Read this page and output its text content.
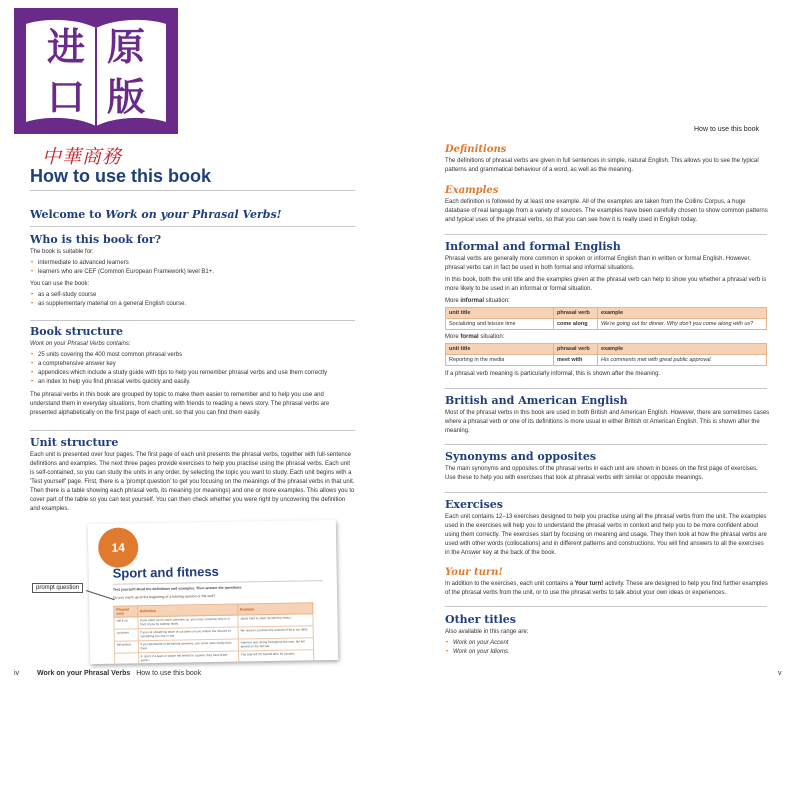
进 原
口 版
中華商務
How to use this book
Welcome to Work on your Phrasal Verbs!
Who is this book for?
The book is suitable for:
• intermediate to advanced learners
• learners who are CEF (Common European Framework) level B1+.
You can use the book:
• as a self-study course
• as supplementary material on a general English course.
Book structure
Work on your Phrasal Verbs contains:
• 25 units covering the 400 most common phrasal verbs
• a comprehensive answer key
• appendices which include a study guide with tips to help you remember phrasal verbs and use them correctly
• an index to help you find phrasal verbs quickly and easily.
The phrasal verbs in this book are grouped by topic to make them easier to remember and to help you use and understand them in everyday situations, from chatting with friends to reading a news story. The phrasal verbs are presented alphabetically on the first page of each unit, so that you can find them easily.
Unit structure
Each unit is presented over four pages. The first page of each unit presents the phrasal verbs, together with full-sentence definitions and examples. The next three pages provide exercises to help you practise using the phrasal verbs. Each unit is self-contained, so you can study the units in any order, by selecting the topic you want to study. Each unit begins with a 'Test yourself' page. First, there is a 'prompt question' to get you focusing on the meanings of the phrasal verbs in that unit. Then there is a table showing each phrasal verb, its meaning (or meanings) and one or more examples. This allows you to cover part of the table so you can test yourself. You can then check whether you were right by uncovering the definition and examples.
14
Sport and fitness
Test yourself! Read the definitions and examples. Then answer the questions.
Do you warm up at the beginning of a training session or the end?
Phrasal verb	Definition	Example
call it up	If you catch up on catch someone up, you reach someone who is in front of you by walking faster.	Jamie tried to catch up with the others.
cut down	If you cut something down or cut down on you reduce the amount of something you use or eat.	We need to cut down the amount of fat in our diets.
fall behind	If you fall behind or fall behind someone, you move more slowly than them.	Harrison was strong throughout the race, but fell behind on the last lap.
	In sport, if a team or player fall behind in a game, they have fewer points.	The side fell 3-0 behind after 20 minutes.
prompt question
iv	Work on your Phrasal Verbs How to use this book
How to use this book
Definitions
The definitions of phrasal verbs are given in full sentences in simple, natural English. This allows you to see the typical patterns and grammatical behaviour of a word, as well as the meaning.
Examples
Each definition is followed by at least one example. All of the examples are taken from the Collins Corpus, a huge database of real language from a variety of sources. The examples have been carefully chosen to show common patterns and typical uses of the phrasal verbs, so that you can see how it is really used in English today.
Informal and formal English
Phrasal verbs are generally more common in spoken or informal English than in written or formal English. However, phrasal verbs can in fact be used in both formal and informal situations.
In this book, both the unit title and the examples given at the phrasal verb can help to show you whether a phrasal verb is more likely to be used in an informal or formal situation.
More informal situation:
unit title	phrasal verb	example
Socializing and leisure time	come along	We're going out for dinner. Why don't you come along with us?
More formal situation:
unit title	phrasal verb	example
Reporting in the media	meet with	His comments met with great public approval.
If a phrasal verb meaning is particularly informal, this is shown after the meaning.
British and American English
Most of the phrasal verbs in this book are used in both British and American English. However, there are sometimes cases where a phrasal verb or one of its definitions is more usual in either British or American English. This is shown after the meaning.
Synonyms and opposites
The main synonyms and opposites of the phrasal verbs in each unit are shown in boxes on the first page of exercises. Use these to help you with exercises that look at phrasal verbs with similar or opposite meanings.
Exercises
Each unit contains 12–13 exercises designed to help you practise using all the phrasal verbs from the unit. The examples used in the exercises will help you to understand the phrasal verbs in context and help you to be more confident about using them correctly. The exercises start by focusing on meaning and usage. They then look at how the phrasal verbs are used with other words (collocations) and in different patterns and constructions. You will find answers to all the exercises in the Answer key at the back of the book.
Your turn!
In addition to the exercises, each unit contains a Your turn! activity. These are designed to help you find further examples of the phrasal verbs from the unit, or to use the phrasal verbs to talk about your own ideas or experiences.
Other titles
Also available in this range are:
• Work on your Accent
• Work on your Idioms
v
